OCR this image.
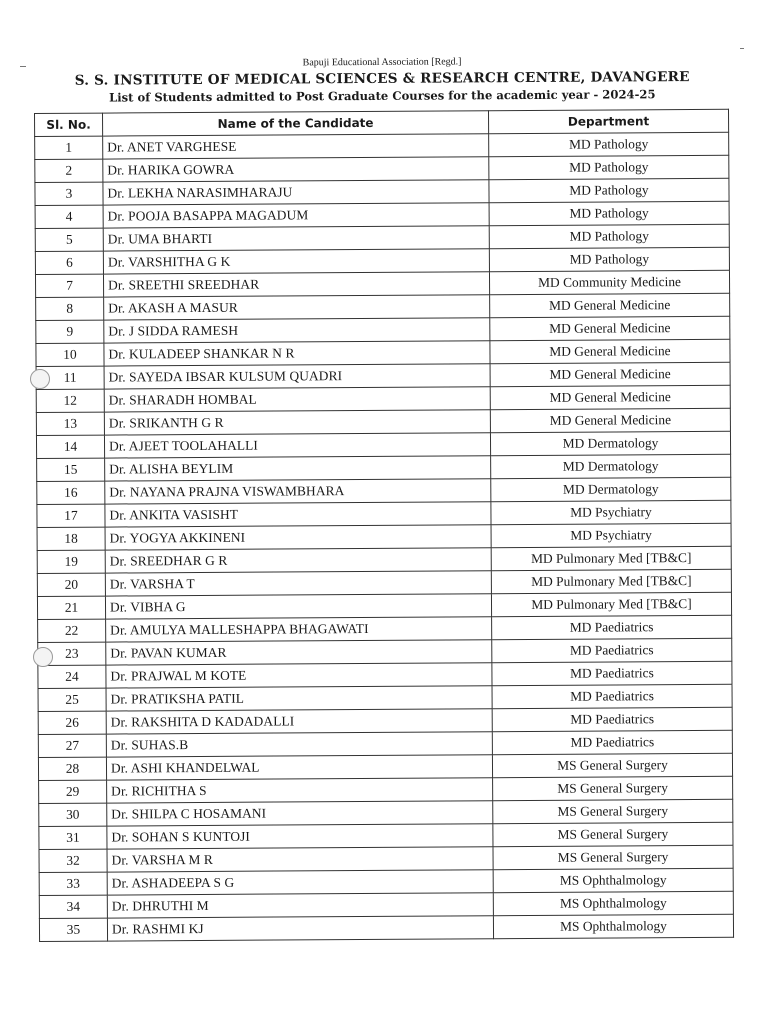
Bapuji Educational Association [Regd.]
S. S. INSTITUTE OF MEDICAL SCIENCES & RESEARCH CENTRE, DAVANGERE
List of Students admitted to Post Graduate Courses for the academic year - 2024-25
Sl. No.	Name of the Candidate	Department
1	Dr. ANET VARGHESE	MD Pathology
2	Dr. HARIKA GOWRA	MD Pathology
3	Dr. LEKHA NARASIMHARAJU	MD Pathology
4	Dr. POOJA BASAPPA MAGADUM	MD Pathology
5	Dr. UMA BHARTI	MD Pathology
6	Dr. VARSHITHA G K	MD Pathology
7	Dr. SREETHI SREEDHAR	MD Community Medicine
8	Dr. AKASH A MASUR	MD General Medicine
9	Dr. J SIDDA RAMESH	MD General Medicine
10	Dr. KULADEEP SHANKAR N R	MD General Medicine
11	Dr. SAYEDA IBSAR KULSUM QUADRI	MD General Medicine
12	Dr. SHARADH HOMBAL	MD General Medicine
13	Dr. SRIKANTH G R	MD General Medicine
14	Dr. AJEET TOOLAHALLI	MD Dermatology
15	Dr. ALISHA BEYLIM	MD Dermatology
16	Dr. NAYANA PRAJNA VISWAMBHARA	MD Dermatology
17	Dr. ANKITA VASISHT	MD Psychiatry
18	Dr. YOGYA AKKINENI	MD Psychiatry
19	Dr. SREEDHAR G R	MD Pulmonary Med [TB&C]
20	Dr. VARSHA T	MD Pulmonary Med [TB&C]
21	Dr. VIBHA G	MD Pulmonary Med [TB&C]
22	Dr. AMULYA MALLESHAPPA BHAGAWATI	MD Paediatrics
23	Dr. PAVAN KUMAR	MD Paediatrics
24	Dr. PRAJWAL M KOTE	MD Paediatrics
25	Dr. PRATIKSHA PATIL	MD Paediatrics
26	Dr. RAKSHITA D KADADALLI	MD Paediatrics
27	Dr. SUHAS.B	MD Paediatrics
28	Dr. ASHI KHANDELWAL	MS General Surgery
29	Dr. RICHITHA S	MS General Surgery
30	Dr. SHILPA C HOSAMANI	MS General Surgery
31	Dr. SOHAN S KUNTOJI	MS General Surgery
32	Dr. VARSHA M R	MS General Surgery
33	Dr. ASHADEEPA S G	MS Ophthalmology
34	Dr. DHRUTHI M	MS Ophthalmology
35	Dr. RASHMI KJ	MS Ophthalmology
